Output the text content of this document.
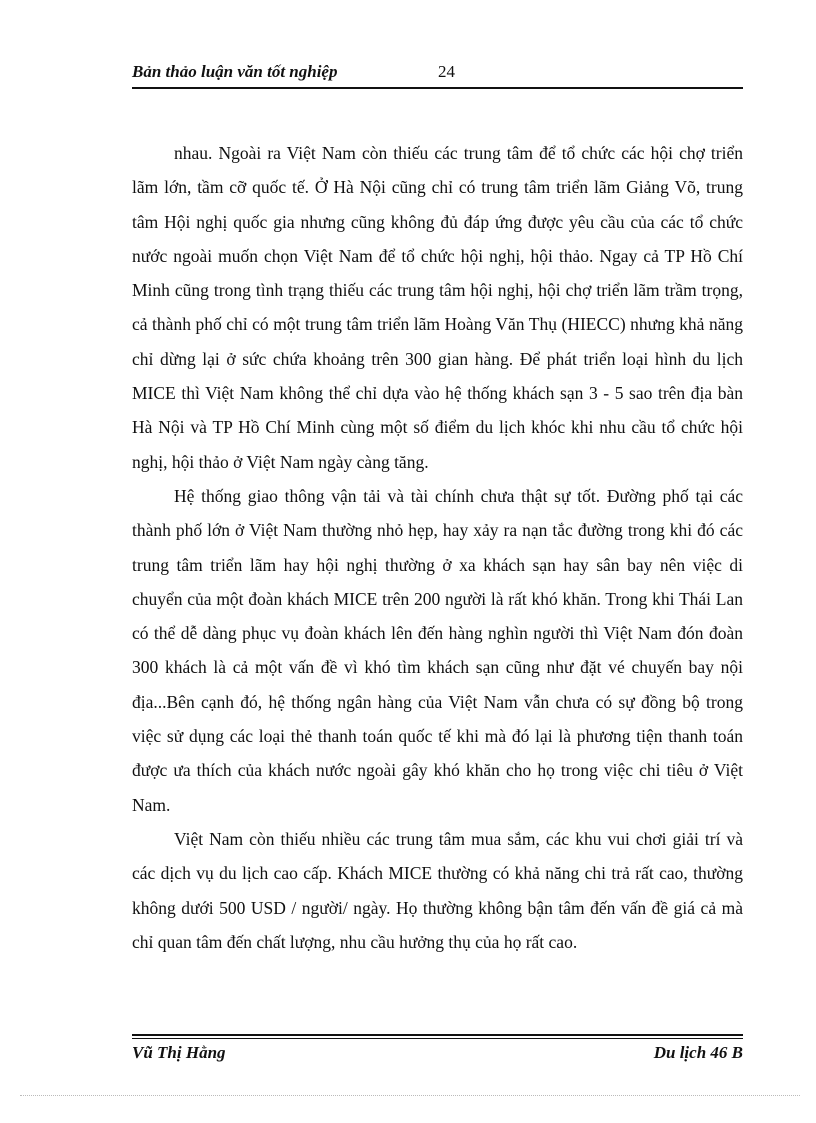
Bản thảo luận văn tốt nghiệp	24

nhau. Ngoài ra Việt Nam còn thiếu các trung tâm để tổ chức các hội chợ triển lãm lớn, tầm cỡ quốc tế. Ở Hà Nội cũng chỉ có trung tâm triển lãm Giảng Võ, trung tâm Hội nghị quốc gia nhưng cũng không đủ đáp ứng được yêu cầu của các tổ chức nước ngoài muốn chọn Việt Nam để tổ chức hội nghị, hội thảo. Ngay cả TP Hồ Chí Minh cũng trong tình trạng thiếu các trung tâm hội nghị, hội chợ triển lãm trầm trọng, cả thành phố chỉ có một trung tâm triển lãm Hoàng Văn Thụ (HIECC) nhưng khả năng chỉ dừng lại ở sức chứa khoảng trên 300 gian hàng. Để phát triển loại hình du lịch MICE thì Việt Nam không thể chỉ dựa vào hệ thống khách sạn 3 - 5 sao trên địa bàn Hà Nội và TP Hồ Chí Minh cùng một số điểm du lịch khóc khi nhu cầu tổ chức hội nghị, hội thảo ở Việt Nam ngày càng tăng.

Hệ thống giao thông vận tải và tài chính chưa thật sự tốt. Đường phố tại các thành phố lớn ở Việt Nam thường nhỏ hẹp, hay xảy ra nạn tắc đường trong khi đó các trung tâm triển lãm hay hội nghị thường ở xa khách sạn hay sân bay nên việc di chuyển của một đoàn khách MICE trên 200 người là rất khó khăn. Trong khi Thái Lan có thể dễ dàng phục vụ đoàn khách lên đến hàng nghìn người thì Việt Nam đón đoàn 300 khách là cả một vấn đề vì khó tìm khách sạn cũng như đặt vé chuyến bay nội địa...Bên cạnh đó, hệ thống ngân hàng của Việt Nam vẫn chưa có sự đồng bộ trong việc sử dụng các loại thẻ thanh toán quốc tế khi mà đó lại là phương tiện thanh toán được ưa thích của khách nước ngoài gây khó khăn cho họ trong việc chi tiêu ở Việt Nam.

Việt Nam còn thiếu nhiều các trung tâm mua sắm, các khu vui chơi giải trí và các dịch vụ du lịch cao cấp. Khách MICE thường có khả năng chi trả rất cao, thường không dưới 500 USD / người/ ngày. Họ thường không bận tâm đến vấn đề giá cả mà chỉ quan tâm đến chất lượng, nhu cầu hưởng thụ của họ rất cao.

Vũ Thị Hằng	Du lịch 46 B
